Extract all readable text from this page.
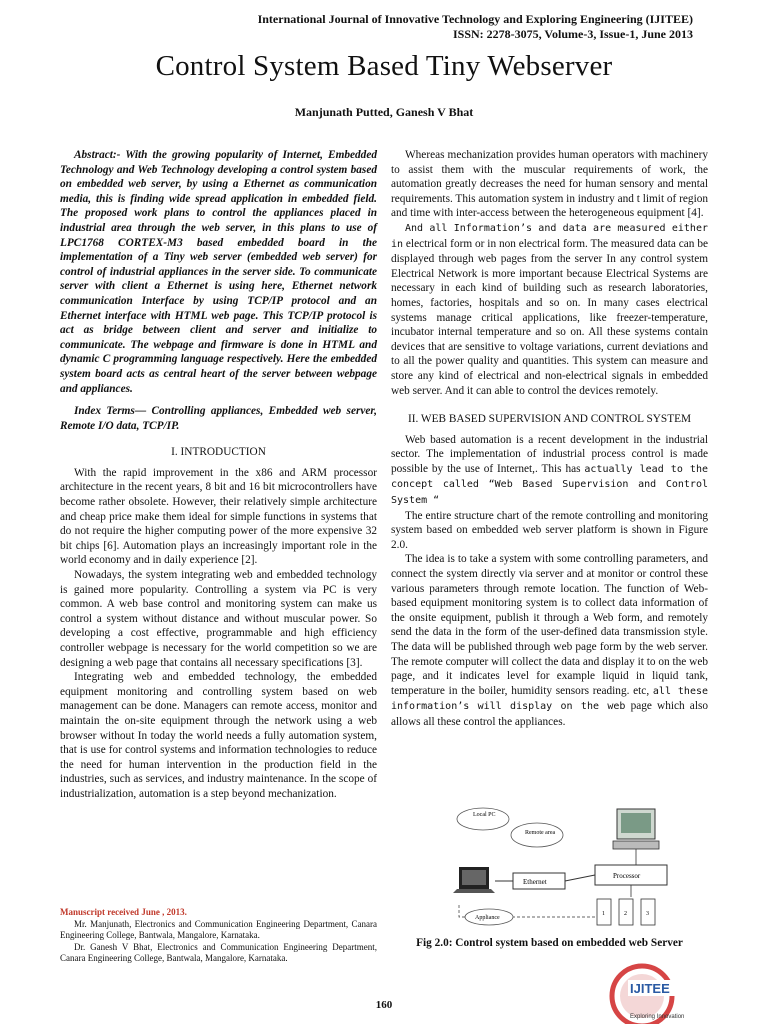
International Journal of Innovative Technology and Exploring Engineering (IJITEE)
ISSN: 2278-3075, Volume-3, Issue-1, June 2013
Control System Based Tiny Webserver
Manjunath Putted, Ganesh V Bhat

Abstract:- With the growing popularity of Internet, Embedded Technology and Web Technology developing a control system based on embedded web server, by using a Ethernet as communication media, this is finding wide spread application in embedded field. The proposed work plans to control the appliances placed in industrial area through the web server, in this plans to use of LPC1768 CORTEX-M3 based embedded board in the implementation of a Tiny web server (embedded web server) for control of industrial appliances in the server side. To communicate server with client a Ethernet is using here, Ethernet network communication Interface by using TCP/IP protocol and an Ethernet interface with HTML web page. This TCP/IP protocol is act as bridge between client and server and initialize to communicate. The webpage and firmware is done in HTML and dynamic C programming language respectively. Here the embedded system board acts as central heart of the server between webpage and appliances.

Index Terms— Controlling appliances, Embedded web server, Remote I/O data, TCP/IP.

I. INTRODUCTION

With the rapid improvement in the x86 and ARM processor architecture in the recent years, 8 bit and 16 bit microcontrollers have become rather obsolete. However, their relatively simple architecture and cheap price make them ideal for simple functions in systems that do not require the higher computing power of the more expensive 32 bit chips [6]. Automation plays an increasingly important role in the world economy and in daily experience [2].

Nowadays, the system integrating web and embedded technology is gained more popularity. Controlling a system via PC is very common. A web base control and monitoring system can make us control a system without distance and without muscular power. So developing a cost effective, programmable and high efficiency controller webpage is necessary for the world competition so we are designing a web page that contains all necessary specifications [3].

Integrating web and embedded technology, the embedded equipment monitoring and controlling system based on web management can be done. Managers can remote access, monitor and maintain the on-site equipment through the network using a web browser without In today the world needs a fully automation system, that is use for control systems and information technologies to reduce the need for human intervention in the production field in the industries, such as services, and industry maintenance. In the scope of industrialization, automation is a step beyond mechanization.

Manuscript received June , 2013.

Mr. Manjunath, Electronics and Communication Engineering Department, Canara Engineering College, Bantwala, Mangalore, Karnataka.

Dr. Ganesh V Bhat, Electronics and Communication Engineering Department, Canara Engineering College, Bantwala, Mangalore, Karnataka.

Whereas mechanization provides human operators with machinery to assist them with the muscular requirements of work, the automation greatly decreases the need for human sensory and mental requirements. This automation system in industry and t limit of region and time with inter-access between the heterogeneous equipment [4].

And all Information’s and data are measured either in electrical form or in non electrical form. The measured data can be displayed through web pages from the server In any control system Electrical Network is more important because Electrical Systems are necessary in each kind of building such as research laboratories, homes, factories, hospitals and so on. In many cases electrical systems manage critical applications, like freezer-temperature, incubator internal temperature and so on. All these systems contain devices that are sensitive to voltage variations, current deviations and to all the power quality and quantities. This system can measure and store any kind of electrical and non-electrical signals in embedded web server. And it can able to control the devices remotely.

II. WEB BASED SUPERVISION AND CONTROL SYSTEM

Web based automation is a recent development in the industrial sector. The implementation of industrial process control is made possible by the use of Internet,. This has actually lead to the concept called “Web Based Supervision and Control System “

The entire structure chart of the remote controlling and monitoring system based on embedded web server platform is shown in Figure 2.0.

The idea is to take a system with some controlling parameters, and connect the system directly via server and at monitor or control these various parameters through remote location. The function of Web-based equipment monitoring system is to collect data information of the onsite equipment, publish it through a Web form, and remotely send the data in the form of the user-defined data transmission style. The data will be published through web page form by the web server. The remote computer will collect the data and display it to on the web page, and it indicates level for example liquid in liquid tank, temperature in the boiler, humidity sensors reading. etc, all these information’s will display on the web page which also allows all these control the appliances.

Local PC
Remote area
Processor
Ethernet
Appliance
1	2	3
Fig 2.0: Control system based on embedded web Server
160
IJITEE
Exploring Innovation
